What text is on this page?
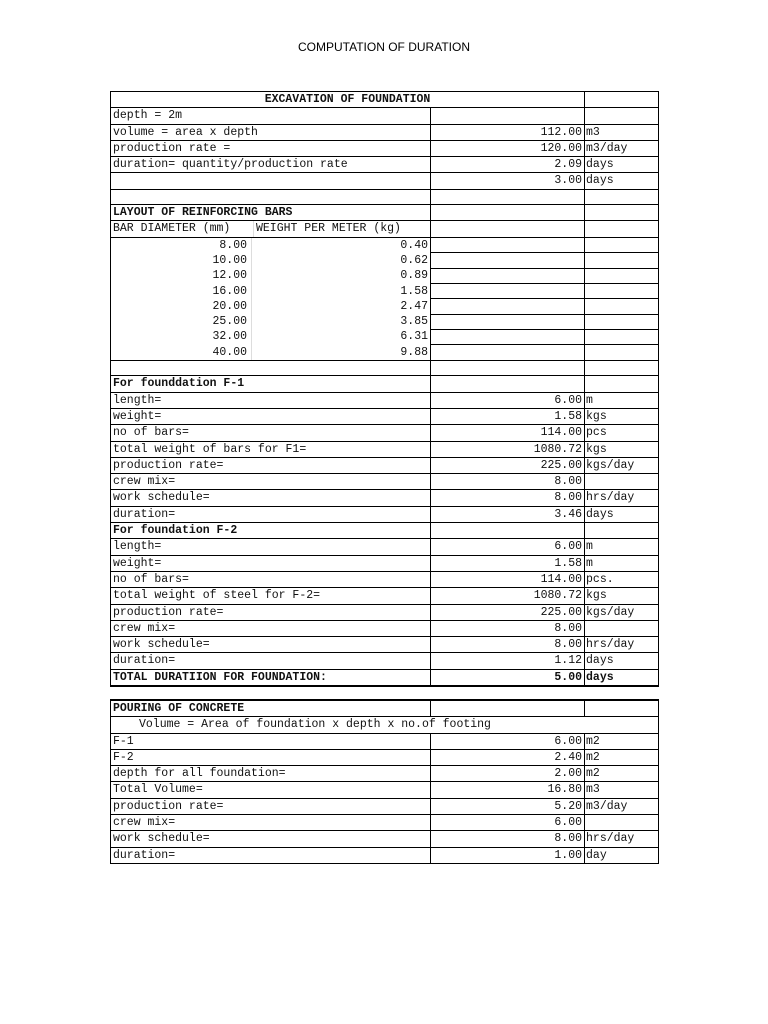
COMPUTATION OF DURATION
EXCAVATION OF FOUNDATION		
depth = 2m		
volume = area x depth	112.00	m3
production rate =	120.00	m3/day
duration= quantity/production rate	2.09	days
	3.00	days

LAYOUT OF REINFORCING BARS		

BAR DIAMETER (mm) WEIGHT PER METER (kg)		

8.00 0.40		

10.00 0.62		

12.00 0.89		

16.00 1.58		

20.00 2.47		

25.00 3.85		

32.00 6.31		

40.00 9.88		

For founddation F-1		
length=	6.00	m
weight=	1.58	kgs
no of bars=	114.00	pcs
total weight of bars for F1=	1080.72	kgs
production rate=	225.00	kgs/day
crew mix=	8.00	
work schedule=	8.00	hrs/day
duration=	3.46	days
For foundation F-2		
length=	6.00	m
weight=	1.58	m
no of bars=	114.00	pcs.
total weight of steel for F-2=	1080.72	kgs
production rate=	225.00	kgs/day
crew mix=	8.00	
work schedule=	8.00	hrs/day
duration=	1.12	days
TOTAL DURATIION FOR FOUNDATION:	5.00	days

POURING OF CONCRETE		
Volume = Area of foundation x depth x no.of footing		
F-1	6.00	m2
F-2	2.40	m2
depth for all foundation=	2.00	m2
Total Volume=	16.80	m3
production rate=	5.20	m3/day
crew mix=	6.00	
work schedule=	8.00	hrs/day
duration=	1.00	day
